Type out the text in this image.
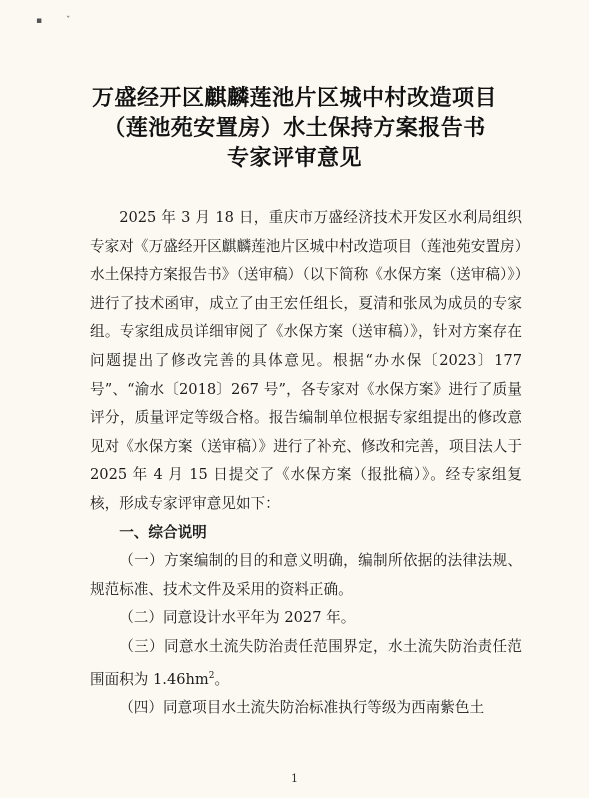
▪	ˇ
万盛经开区麒麟莲池片区城中村改造项目
（莲池苑安置房）水土保持方案报告书
专家评审意见

2025 年 3 月 18 日，重庆市万盛经济技术开发区水利局组织专家对《万盛经开区麒麟莲池片区城中村改造项目（莲池苑安置房）水土保持方案报告书》（送审稿）（以下简称《水保方案（送审稿）》）进行了技术函审，成立了由王宏任组长，夏清和张凤为成员的专家组。专家组成员详细审阅了《水保方案（送审稿）》，针对方案存在问题提出了修改完善的具体意见。根据“办水保〔2023〕177 号”、“渝水〔2018〕267 号”，各专家对《水保方案》进行了质量评分，质量评定等级合格。报告编制单位根据专家组提出的修改意见对《水保方案（送审稿）》进行了补充、修改和完善，项目法人于 2025 年 4 月 15 日提交了《水保方案（报批稿）》。经专家组复核，形成专家评审意见如下：

一、综合说明

（一）方案编制的目的和意义明确，编制所依据的法律法规、规范标准、技术文件及采用的资料正确。

（二）同意设计水平年为 2027 年。

（三）同意水土流失防治责任范围界定，水土流失防治责任范围面积为 $1.46hm^2$。

（四）同意项目水土流失防治标准执行等级为西南紫色土

1
